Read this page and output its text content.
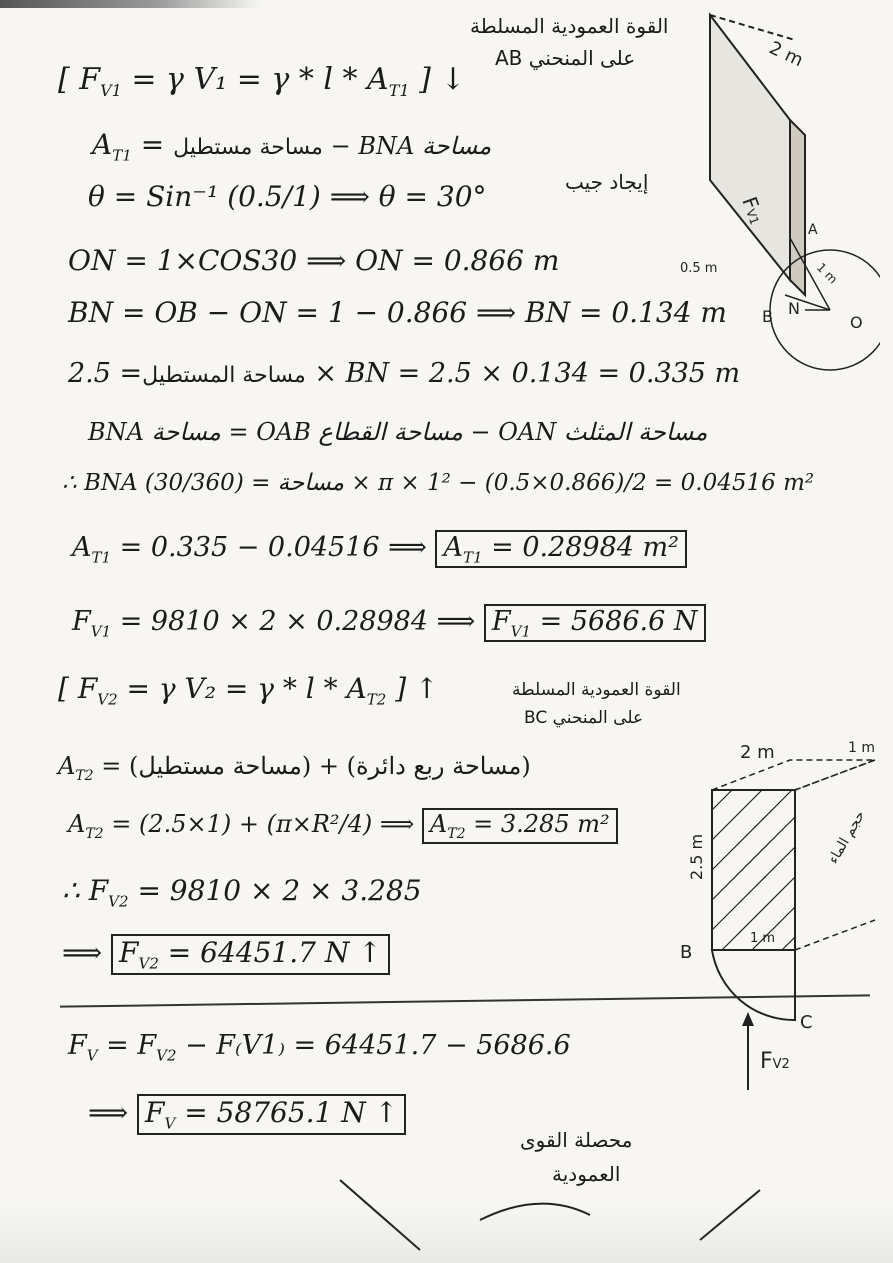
القوة العمودية المسلطة
على المنحني AB
[ $F_{V1} = \gamma$ $V_1 = \gamma * l * A_{T1}$ ] ↓
$A_{T1}$ = مساحة مستطيل − BNA مساحة
θ = Sin⁻¹ (0.5/1) ⟹ θ = 30°	إيجاد جيب
ON = 1×COS30 ⟹ ON = 0.866 m
BN = OB − ON = 1 − 0.866 ⟹ BN = 0.134 m
مساحة المستطيل= 2.5 × BN = 2.5 × 0.134 = 0.335 m
BNA مساحة = OAB مساحة القطاع − OAN مساحة المثلث
∴ BNA مساحة = (30/360) × π × 1² − (0.5×0.866)/2 = 0.04516 m²
$A_{T1} = 0.335 - 0.04516$ ⟹ $A_{T1} = 0.28984$ m²
$F_{V1} = 9810 \times 2 \times 0.28984$ ⟹ $F_{V1} = 5686.6$ N
[ $F_{V2} = \gamma$ $V_2 = \gamma * l * A_{T2}$ ] ↑	القوة العمودية المسلطة
على المنحني BC
$A_{T2}$ = (مساحة مستطيل) + (مساحة ربع دائرة)
$A_{T2} = (2.5\times 1) + (\pi\times R^2/4)$ ⟹ $A_{T2} = 3.285$ m²
∴ $F_{V2} = 9810 \times 2 \times 3.285$
⟹ $F_{V2} = 64451.7$ N ↑
$F_V = F_{V2} - F_(V1_) = 64451.7 - 5686.6$
⟹ $F_V = 58765.1$ N ↑
محصلة القوى
العمودية
2 m
FV1
0.5 m
A
B N
O
1 m
2 m	1 m
2.5 m
B
C
1 m
حجم الماء
FV2
